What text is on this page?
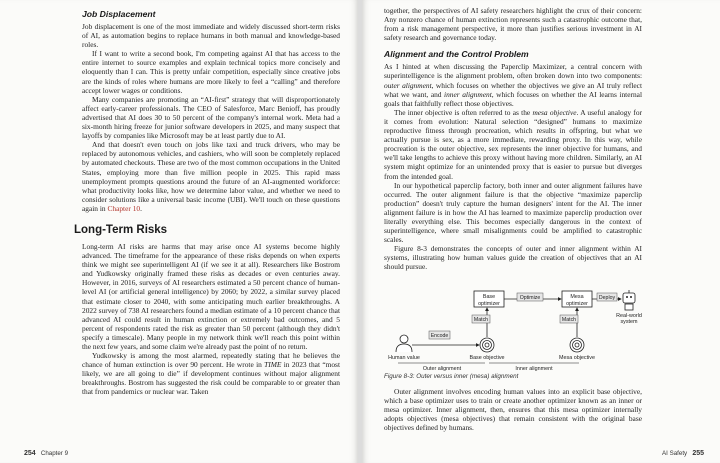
Job Displacement

Job displacement is one of the most immediate and widely discussed short-term risks of AI, as automation begins to replace humans in both manual and knowledge-based roles.

If I want to write a second book, I'm competing against AI that has access to the entire internet to source examples and explain technical topics more concisely and eloquently than I can. This is pretty unfair competition, especially since creative jobs are the kinds of roles where humans are more likely to feel a “calling” and therefore accept lower wages or conditions.

Many companies are promoting an “AI-first” strategy that will disproportionately affect early-career professionals. The CEO of Salesforce, Marc Benioff, has proudly advertised that AI does 30 to 50 percent of the company's internal work. Meta had a six-month hiring freeze for junior software developers in 2025, and many suspect that layoffs by companies like Microsoft may be at least partly due to AI.

And that doesn't even touch on jobs like taxi and truck drivers, who may be replaced by autonomous vehicles, and cashiers, who will soon be completely replaced by automated checkouts. These are two of the most common occupations in the United States, employing more than five million people in 2025. This rapid mass unemployment prompts questions around the future of an AI-augmented workforce: what productivity looks like, how we determine labor value, and whether we need to consider solutions like a universal basic income (UBI). We'll touch on these questions again in Chapter 10.

Long-Term Risks

Long-term AI risks are harms that may arise once AI systems become highly advanced. The timeframe for the appearance of these risks depends on when experts think we might see superintelligent AI (if we see it at all). Researchers like Bostrom and Yudkowsky originally framed these risks as decades or even centuries away. However, in 2016, surveys of AI researchers estimated a 50 percent chance of human-level AI (or artificial general intelligence) by 2060; by 2022, a similar survey placed that estimate closer to 2040, with some anticipating much earlier breakthroughs. A 2022 survey of 738 AI researchers found a median estimate of a 10 percent chance that advanced AI could result in human extinction or extremely bad outcomes, and 5 percent of respondents rated the risk as greater than 50 percent (although they didn't specify a timescale). Many people in my network think we'll reach this point within the next few years, and some claim we're already past the point of no return.

Yudkowsky is among the most alarmed, repeatedly stating that he believes the chance of human extinction is over 90 percent. He wrote in TIME in 2023 that “most likely, we are all going to die” if development continues without major alignment breakthroughs. Bostrom has suggested the risk could be comparable to or greater than that from pandemics or nuclear war. Taken

254 Chapter 9

together, the perspectives of AI safety researchers highlight the crux of their concern: Any nonzero chance of human extinction represents such a catastrophic outcome that, from a risk management perspective, it more than justifies serious investment in AI safety research and governance today.

Alignment and the Control Problem

As I hinted at when discussing the Paperclip Maximizer, a central concern with superintelligence is the alignment problem, often broken down into two components: outer alignment, which focuses on whether the objectives we give an AI truly reflect what we want, and inner alignment, which focuses on whether the AI learns internal goals that faithfully reflect those objectives.

The inner objective is often referred to as the mesa objective. A useful analogy for it comes from evolution: Natural selection “designed” humans to maximize reproductive fitness through procreation, which results in offspring, but what we actually pursue is sex, as a more immediate, rewarding proxy. In this way, while procreation is the outer objective, sex represents the inner objective for humans, and we'll take lengths to achieve this proxy without having more children. Similarly, an AI system might optimize for an unintended proxy that is easier to pursue but diverges from the intended goal.

In our hypothetical paperclip factory, both inner and outer alignment failures have occurred. The outer alignment failure is that the objective “maximize paperclip production” doesn't truly capture the human designers' intent for the AI. The inner alignment failure is in how the AI has learned to maximize paperclip production over literally everything else. This becomes especially dangerous in the context of superintelligence, where small misalignments could be amplified to catastrophic scales.

Figure 8-3 demonstrates the concepts of outer and inner alignment within AI systems, illustrating how human values guide the creation of objectives that an AI should pursue.

Base
optimizer
Mesa
optimizer
Optimize	Deploy
Match	Match
Encode
Human value	Base objective	Mesa objective
Real-world
system
Outer alignment	Inner alignment
Figure 8-3: Outer versus inner (mesa) alignment

Outer alignment involves encoding human values into an explicit base objective, which a base optimizer uses to train or create another optimizer known as an inner or mesa optimizer. Inner alignment, then, ensures that this mesa optimizer internally adopts objectives (mesa objectives) that remain consistent with the original base objectives defined by humans.

AI Safety 255
